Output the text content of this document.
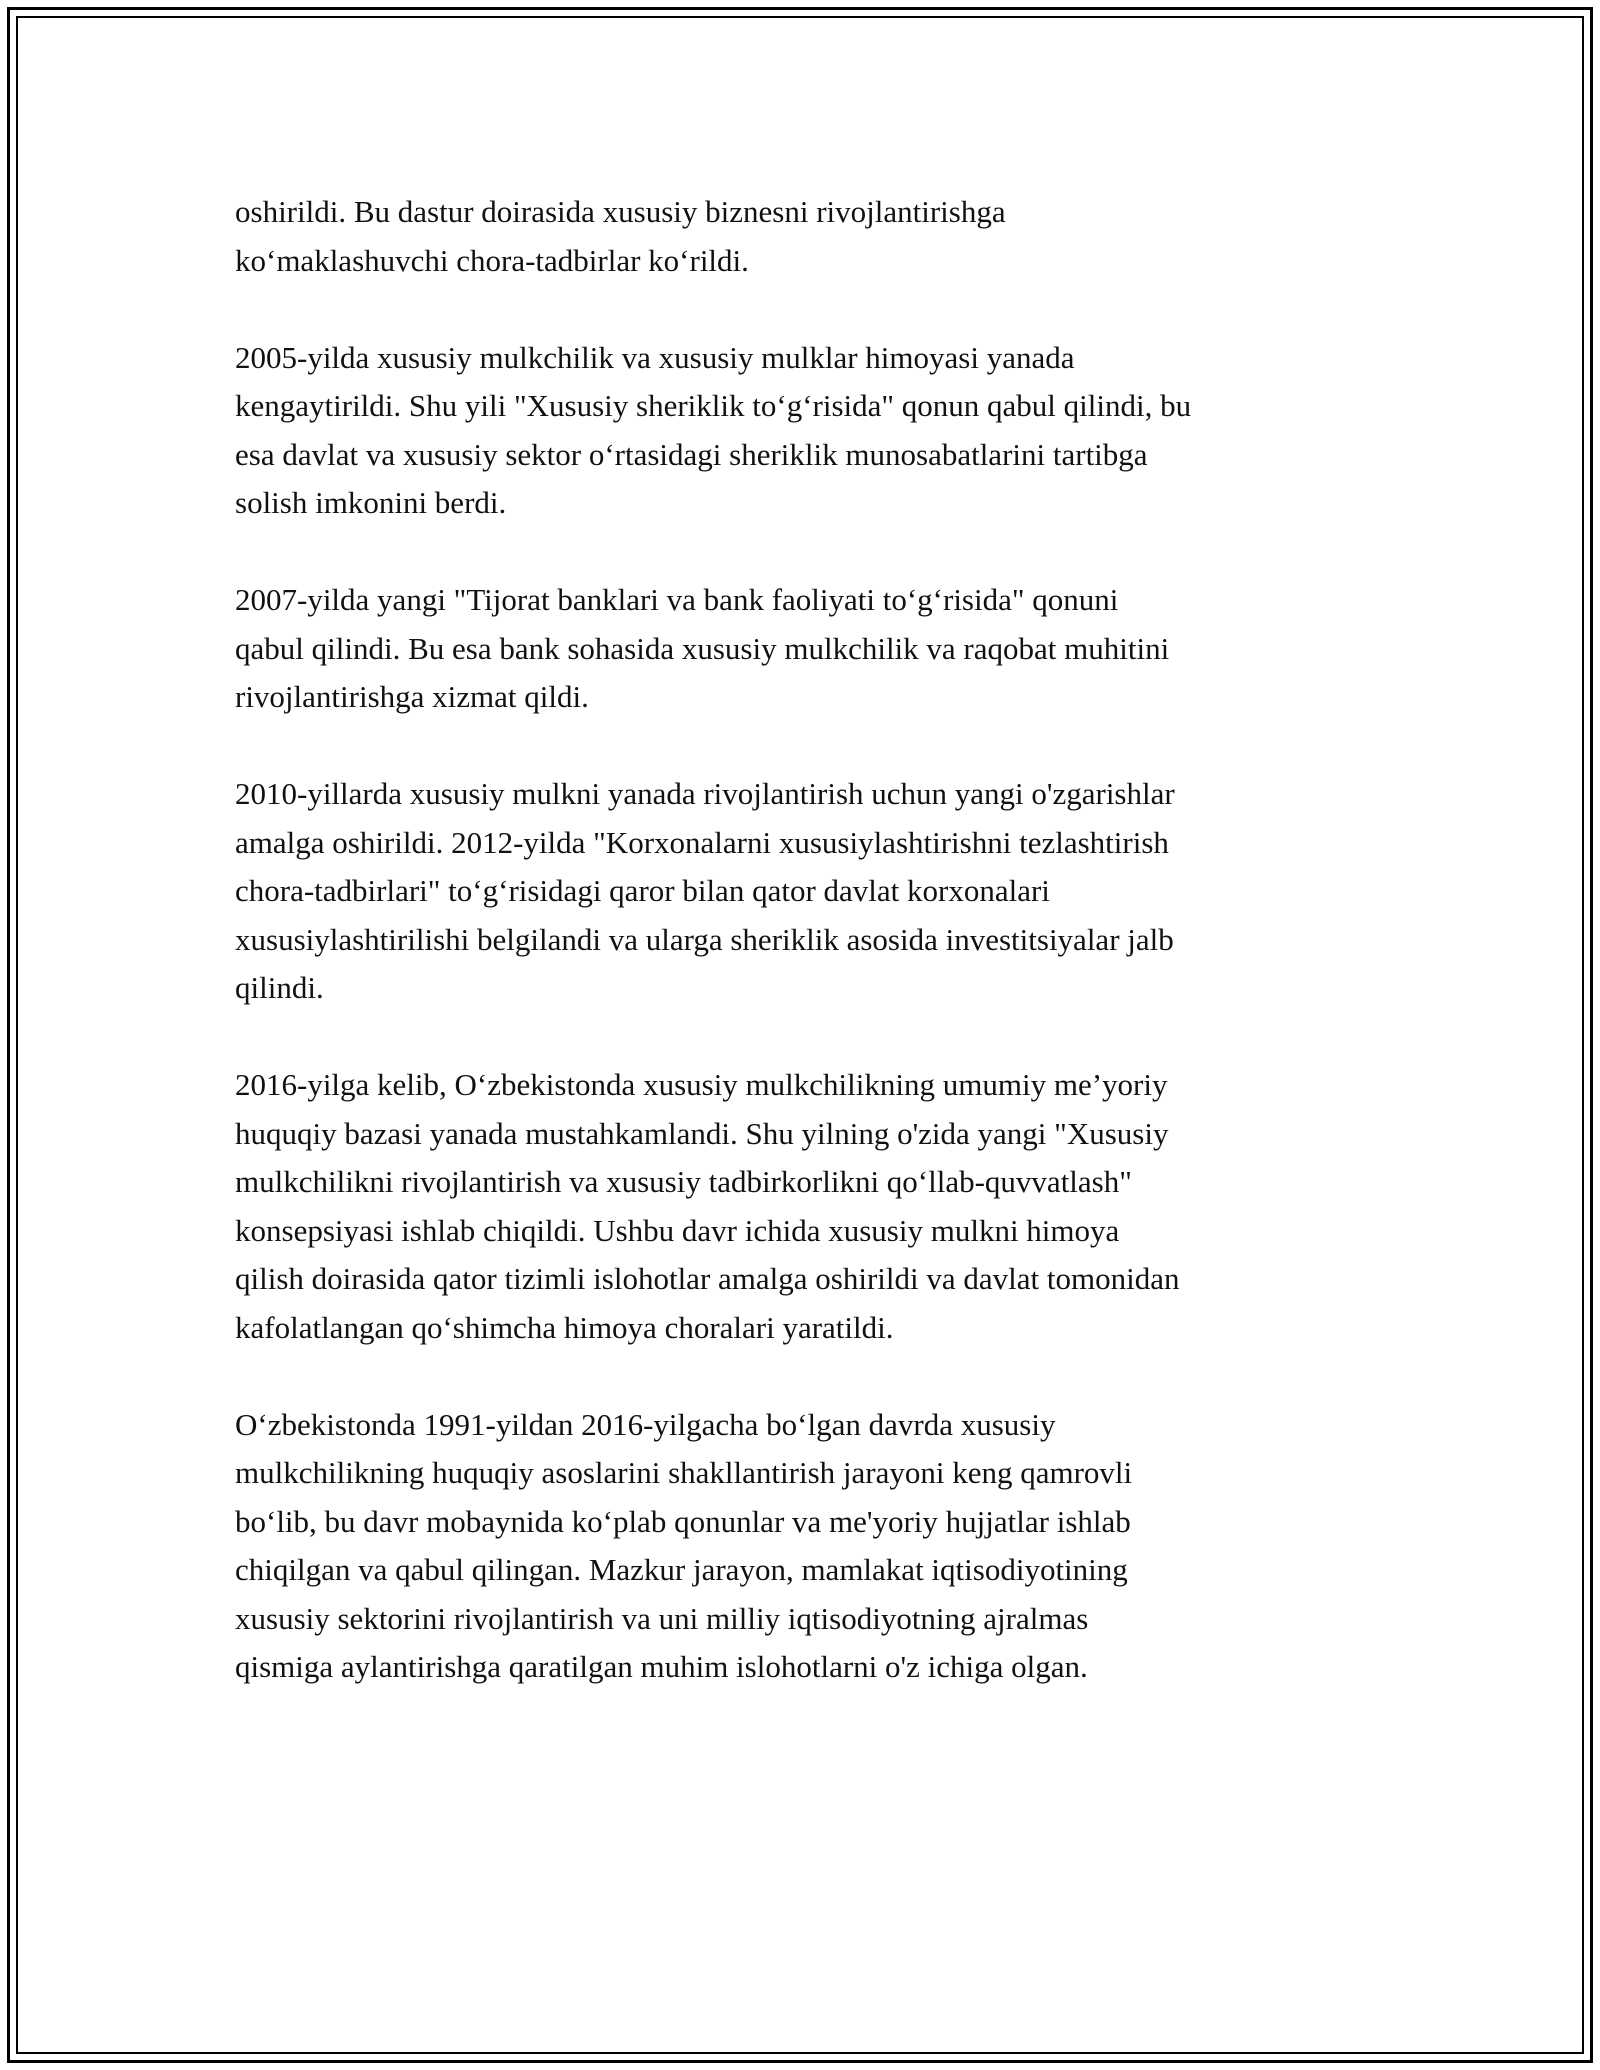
oshirildi. Bu dastur doirasida xususiy biznesni rivojlantirishga
ko‘maklashuvchi chora-tadbirlar ko‘rildi.

2005-yilda xususiy mulkchilik va xususiy mulklar himoyasi yanada
kengaytirildi. Shu yili "Xususiy sheriklik to‘g‘risida" qonun qabul qilindi, bu
esa davlat va xususiy sektor o‘rtasidagi sheriklik munosabatlarini tartibga
solish imkonini berdi.

2007-yilda yangi "Tijorat banklari va bank faoliyati to‘g‘risida" qonuni
qabul qilindi. Bu esa bank sohasida xususiy mulkchilik va raqobat muhitini
rivojlantirishga xizmat qildi.

2010-yillarda xususiy mulkni yanada rivojlantirish uchun yangi o'zgarishlar
amalga oshirildi. 2012-yilda "Korxonalarni xususiylashtirishni tezlashtirish
chora-tadbirlari" to‘g‘risidagi qaror bilan qator davlat korxonalari
xususiylashtirilishi belgilandi va ularga sheriklik asosida investitsiyalar jalb
qilindi.

2016-yilga kelib, O‘zbekistonda xususiy mulkchilikning umumiy me’yoriy
huquqiy bazasi yanada mustahkamlandi. Shu yilning o'zida yangi "Xususiy
mulkchilikni rivojlantirish va xususiy tadbirkorlikni qo‘llab-quvvatlash"
konsepsiyasi ishlab chiqildi. Ushbu davr ichida xususiy mulkni himoya
qilish doirasida qator tizimli islohotlar amalga oshirildi va davlat tomonidan
kafolatlangan qo‘shimcha himoya choralari yaratildi.

O‘zbekistonda 1991-yildan 2016-yilgacha bo‘lgan davrda xususiy
mulkchilikning huquqiy asoslarini shakllantirish jarayoni keng qamrovli
bo‘lib, bu davr mobaynida ko‘plab qonunlar va me'yoriy hujjatlar ishlab
chiqilgan va qabul qilingan. Mazkur jarayon, mamlakat iqtisodiyotining
xususiy sektorini rivojlantirish va uni milliy iqtisodiyotning ajralmas
qismiga aylantirishga qaratilgan muhim islohotlarni o'z ichiga olgan.
